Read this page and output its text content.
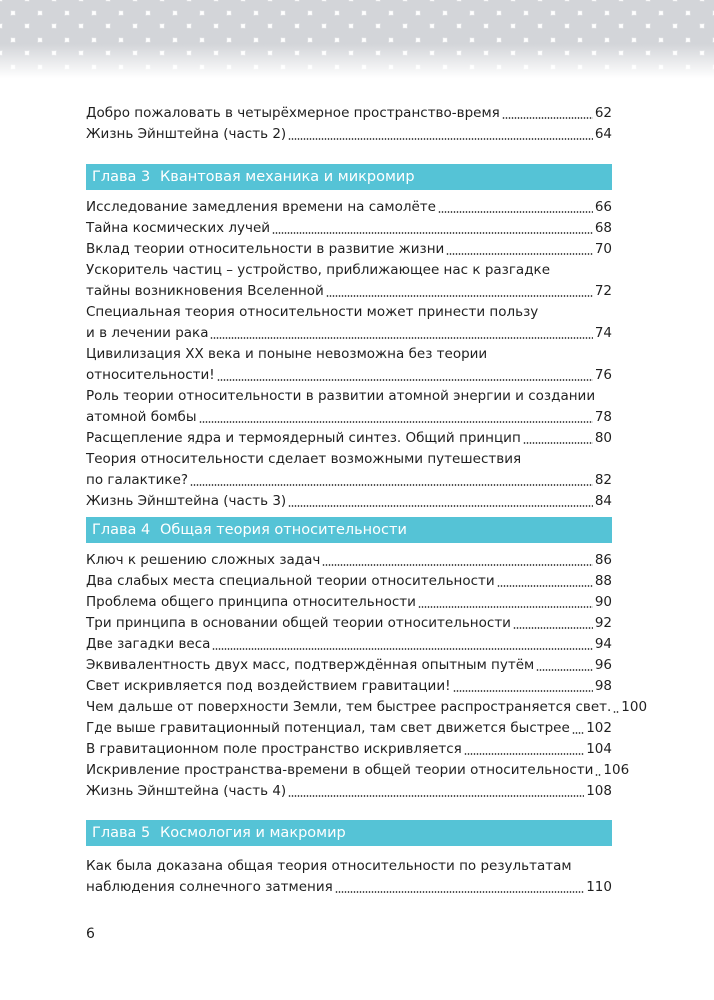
Добро пожаловать в четырёхмерное пространство-время	62
Жизнь Эйнштейна (часть 2)	64
Глава 3 Квантовая механика и микромир
Исследование замедления времени на самолёте	66
Тайна космических лучей	68
Вклад теории относительности в развитие жизни	70
Ускоритель частиц – устройство, приближающее нас к разгадке
тайны возникновения Вселенной	72
Специальная теория относительности может принести пользу
и в лечении рака	74
Цивилизация XX века и поныне невозможна без теории
относительности!	76
Роль теории относительности в развитии атомной энергии и создании
атомной бомбы	78
Расщепление ядра и термоядерный синтез. Общий принцип	80
Теория относительности сделает возможными путешествия
по галактике?	82
Жизнь Эйнштейна (часть 3)	84
Глава 4 Общая теория относительности
Ключ к решению сложных задач	86
Два слабых места специальной теории относительности	88
Проблема общего принципа относительности	90
Три принципа в основании общей теории относительности	92
Две загадки веса	94
Эквивалентность двух масс, подтверждённая опытным путём	96
Свет искривляется под воздействием гравитации!	98
Чем дальше от поверхности Земли, тем быстрее распространяется свет. 100
Где выше гравитационный потенциал, там свет движется быстрее 102
В гравитационном поле пространство искривляется	104
Искривление пространства-времени в общей теории относительности 106
Жизнь Эйнштейна (часть 4)	108
Глава 5 Космология и макромир
Как была доказана общая теория относительности по результатам
наблюдения солнечного затмения	110
6
